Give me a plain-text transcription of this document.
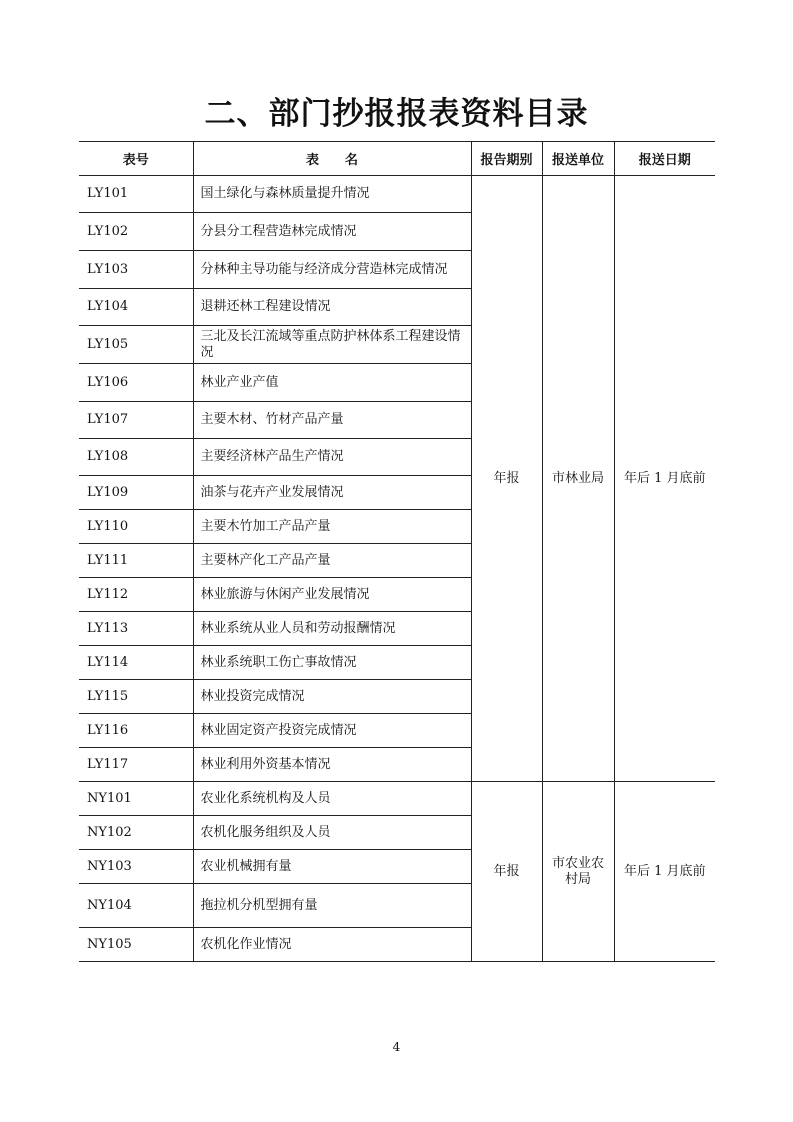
二、部门抄报报表资料目录
表号	表　　名	报告期别	报送单位	报送日期
LY101	国土绿化与森林质量提升情况	年报	市林业局	年后 1 月底前
LY102	分县分工程营造林完成情况			
LY103	分林种主导功能与经济成分营造林完成情况			
LY104	退耕还林工程建设情况			
LY105	三北及长江流域等重点防护林体系工程建设情况			
LY106	林业产业产值			
LY107	主要木材、竹材产品产量			
LY108	主要经济林产品生产情况			
LY109	油茶与花卉产业发展情况			
LY110	主要木竹加工产品产量			
LY111	主要林产化工产品产量			
LY112	林业旅游与休闲产业发展情况			
LY113	林业系统从业人员和劳动报酬情况			
LY114	林业系统职工伤亡事故情况			
LY115	林业投资完成情况			
LY116	林业固定资产投资完成情况			
LY117	林业利用外资基本情况			
NY101	农业化系统机构及人员	年报	市农业农村局	年后 1 月底前
NY102	农机化服务组织及人员			
NY103	农业机械拥有量			
NY104	拖拉机分机型拥有量			
NY105	农机化作业情况			
4
